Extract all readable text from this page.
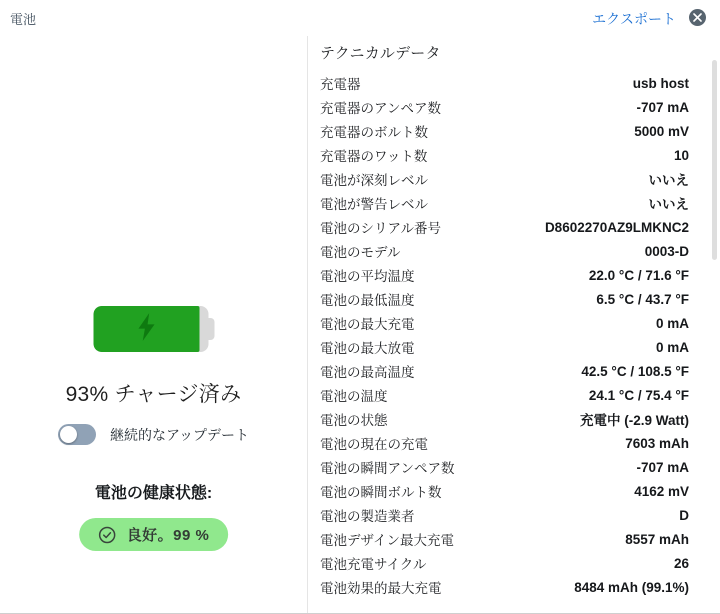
電池	エクスポート
93% チャージ済み
継続的なアップデート
電池の健康状態:
良好。99 %
テクニカルデータ
充電器	usb host
充電器のアンペア数	-707 mA
充電器のボルト数	5000 mV
充電器のワット数	10
電池が深刻レベル	いいえ
電池が警告レベル	いいえ
電池のシリアル番号	D8602270AZ9LMKNC2
電池のモデル	0003-D
電池の平均温度	22.0 °C / 71.6 °F
電池の最低温度	6.5 °C / 43.7 °F
電池の最大充電	0 mA
電池の最大放電	0 mA
電池の最高温度	42.5 °C / 108.5 °F
電池の温度	24.1 °C / 75.4 °F
電池の状態	充電中 (-2.9 Watt)
電池の現在の充電	7603 mAh
電池の瞬間アンペア数	-707 mA
電池の瞬間ボルト数	4162 mV
電池の製造業者	D
電池デザイン最大充電	8557 mAh
電池充電サイクル	26
電池効果的最大充電	8484 mAh (99.1%)
